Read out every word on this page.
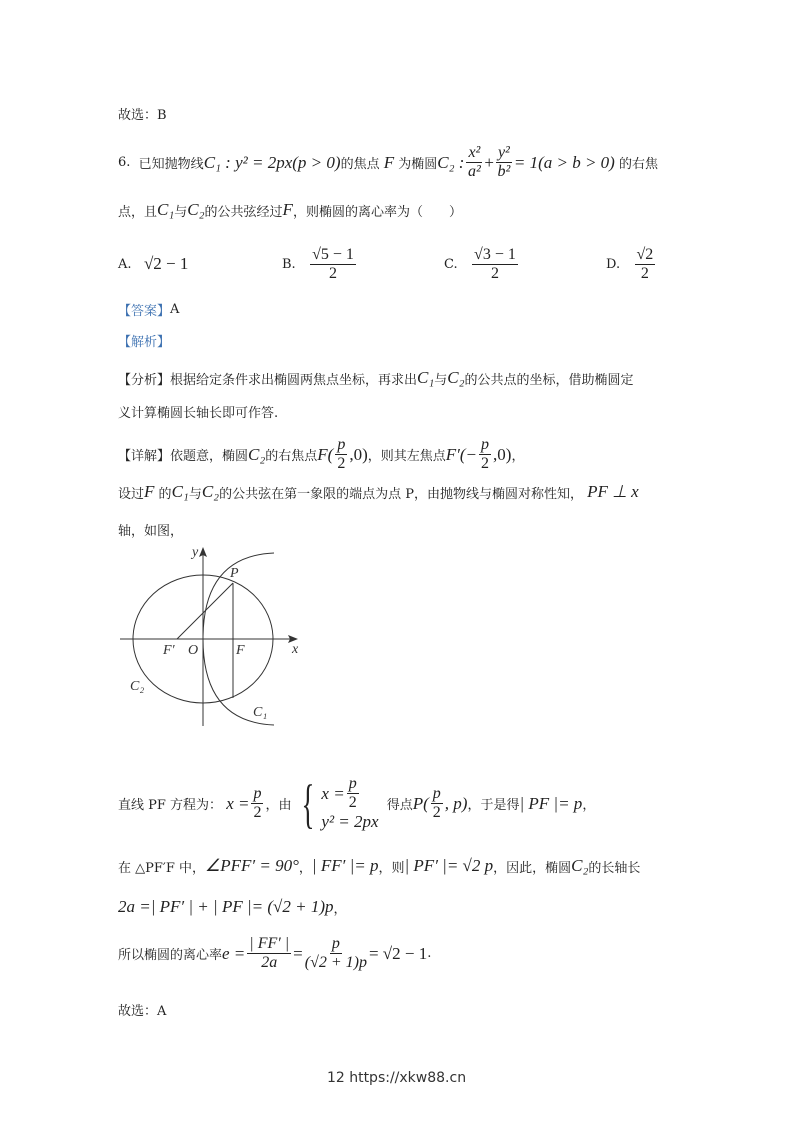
故选：B
6.
已知抛物线 C₁ : y² = 2px(p > 0) 的焦点
F
为椭圆 C₂ : $\frac{\text{x²}}{\text{a²}} + \frac{\text{y²}}{\text{b²}} = 1(a > b > 0)$
的右焦
点，且 C₁ 与 C₂ 的公共弦经过 F ，则椭圆的离心率为（　　）
A.
√2 − 1	B.
$\frac{√5 - 1}{2}$	C.
$\frac{√3 - 1}{2}$	D.
$\frac{√2}{2}$
【答案】 A
【解析】
【分析】 根据给定条件求出椭圆两焦点坐标，再求出 C₁ 与 C₂ 的公共点的坐标，借助椭圆定
义计算椭圆长轴长即可作答.
【详解】 依题意，椭圆 C₂ 的右焦点 $F( \frac{p}{2} ,0)$ ，则其左焦点 $F'(- \frac{p}{2} ,0)$ ，
设过 F
的 C₁ 与 C₂ 的公共弦在第一象限的端点为点 P，由抛物线与椭圆对称性知，
PF ⊥ x
轴，如图，
y
x
P
O	F
F′
C₁
C₂
直线 PF 方程为：
$x = \frac{p}{2}$ ，由 { $x = \frac{p}{2}$
y² = 2px

得点 $P( \frac{p}{2}$ , p) ，于是得 | PF |= p ，
在 △PF′F 中， ∠PFF′ = 90° ， | FF′ |= p ，则 | PF′ |= √2 p ，因此，椭圆 C₂ 的长轴长
2a =| PF′ | + | PF |= (√2 + 1)p ，
所以椭圆的离心率 $e = \frac{| FF' |}{2a} = \frac{p}{(√2 + 1)p} = √2 - 1$ .
故选：A
12 https://xkw88.cn
